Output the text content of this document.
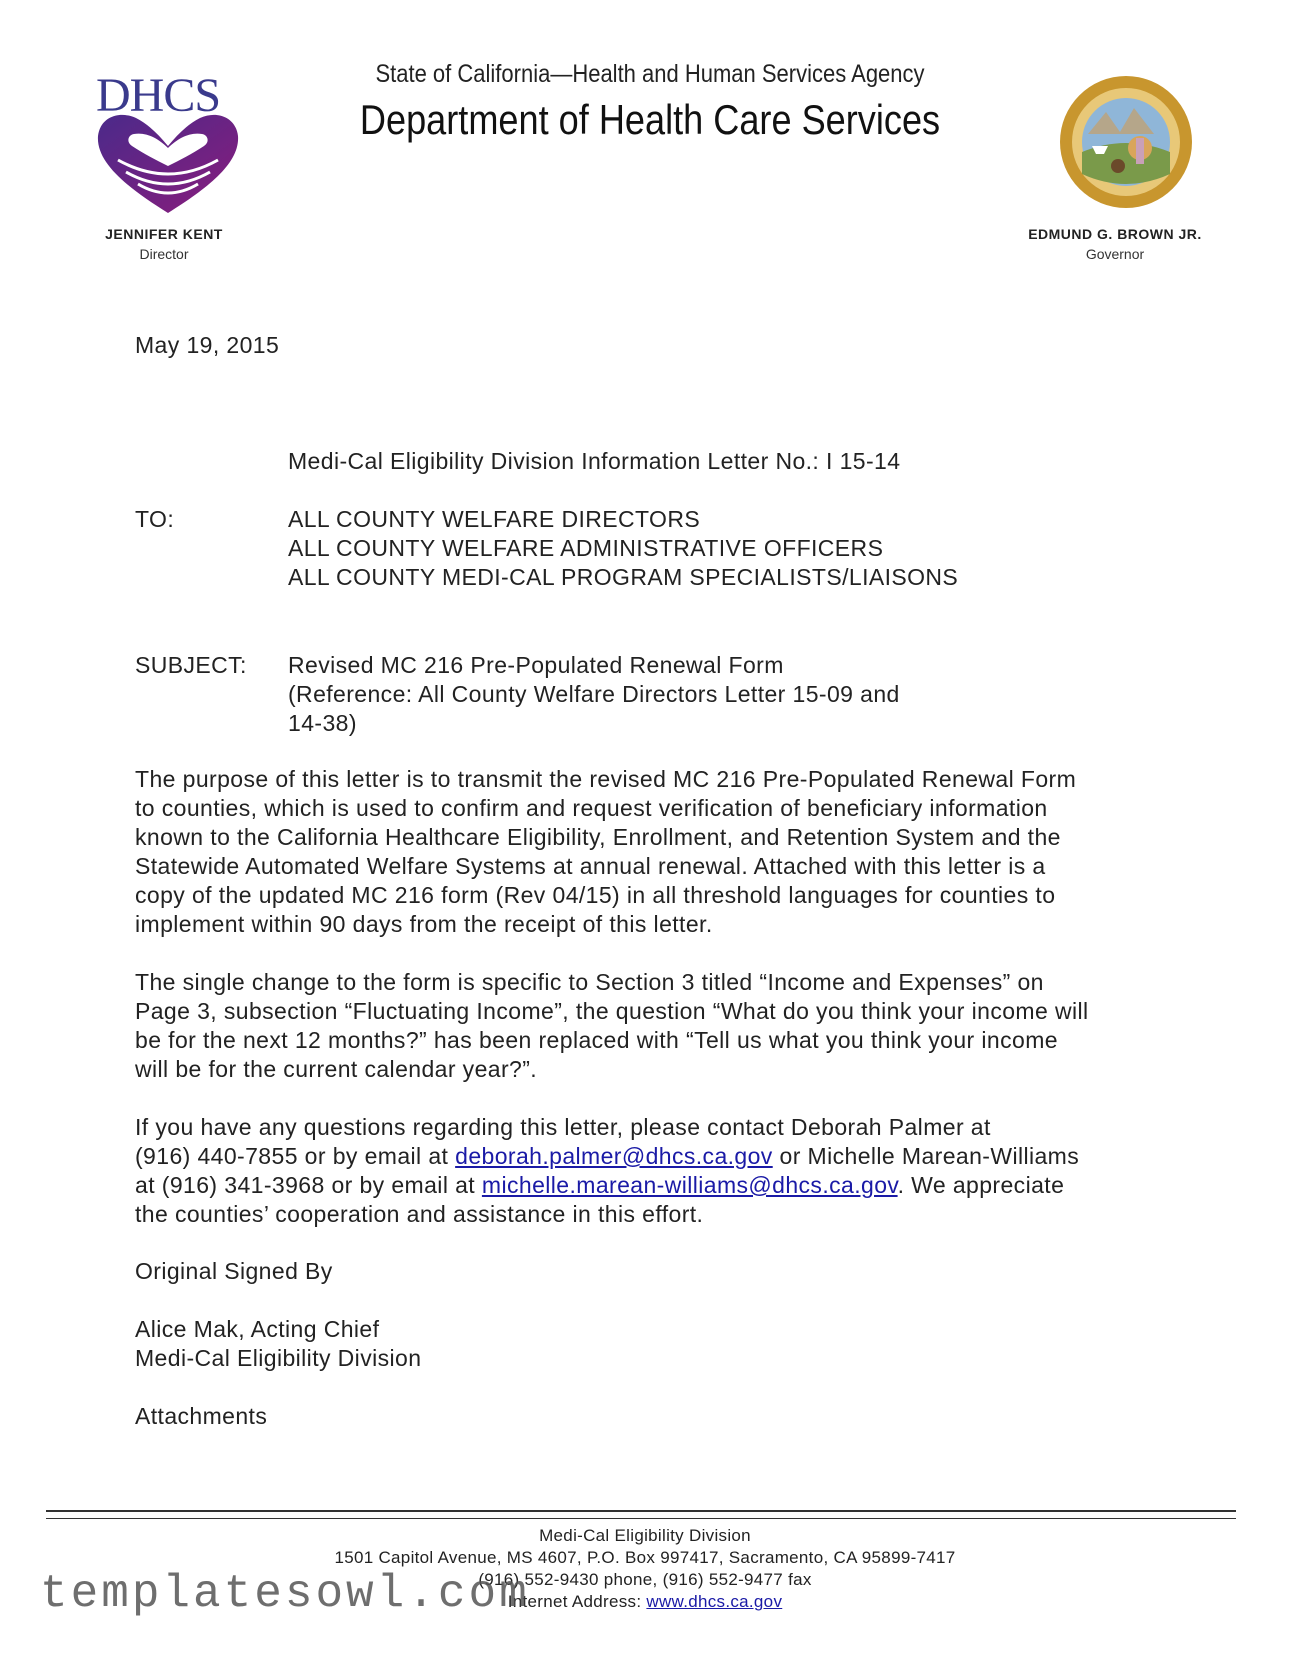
DHCS
JENNIFER KENT
Director
State of California—Health and Human Services Agency
Department of Health Care Services
EDMUND G. BROWN JR.
Governor
May 19, 2015
Medi-Cal Eligibility Division Information Letter No.: I 15-14
TO:	ALL COUNTY WELFARE DIRECTORS
ALL COUNTY WELFARE ADMINISTRATIVE OFFICERS
ALL COUNTY MEDI-CAL PROGRAM SPECIALISTS/LIAISONS
SUBJECT: Revised MC 216 Pre-Populated Renewal Form
(Reference: All County Welfare Directors Letter 15-09 and
14-38)
The purpose of this letter is to transmit the revised MC 216 Pre-Populated Renewal Form
to counties, which is used to confirm and request verification of beneficiary information
known to the California Healthcare Eligibility, Enrollment, and Retention System and the
Statewide Automated Welfare Systems at annual renewal. Attached with this letter is a
copy of the updated MC 216 form (Rev 04/15) in all threshold languages for counties to
implement within 90 days from the receipt of this letter.
The single change to the form is specific to Section 3 titled “Income and Expenses” on
Page 3, subsection “Fluctuating Income”, the question “What do you think your income will
be for the next 12 months?” has been replaced with “Tell us what you think your income
will be for the current calendar year?”.
If you have any questions regarding this letter, please contact Deborah Palmer at
(916) 440-7855 or by email at deborah.palmer@dhcs.ca.gov or Michelle Marean-Williams
at (916) 341-3968 or by email at michelle.marean-williams@dhcs.ca.gov. We appreciate
the counties’ cooperation and assistance in this effort.
Original Signed By
Alice Mak, Acting Chief
Medi-Cal Eligibility Division
Attachments
Medi-Cal Eligibility Division
1501 Capitol Avenue, MS 4607, P.O. Box 997417, Sacramento, CA 95899-7417
(916) 552-9430 phone, (916) 552-9477 fax
Internet Address: www.dhcs.ca.gov
templatesowl.com
